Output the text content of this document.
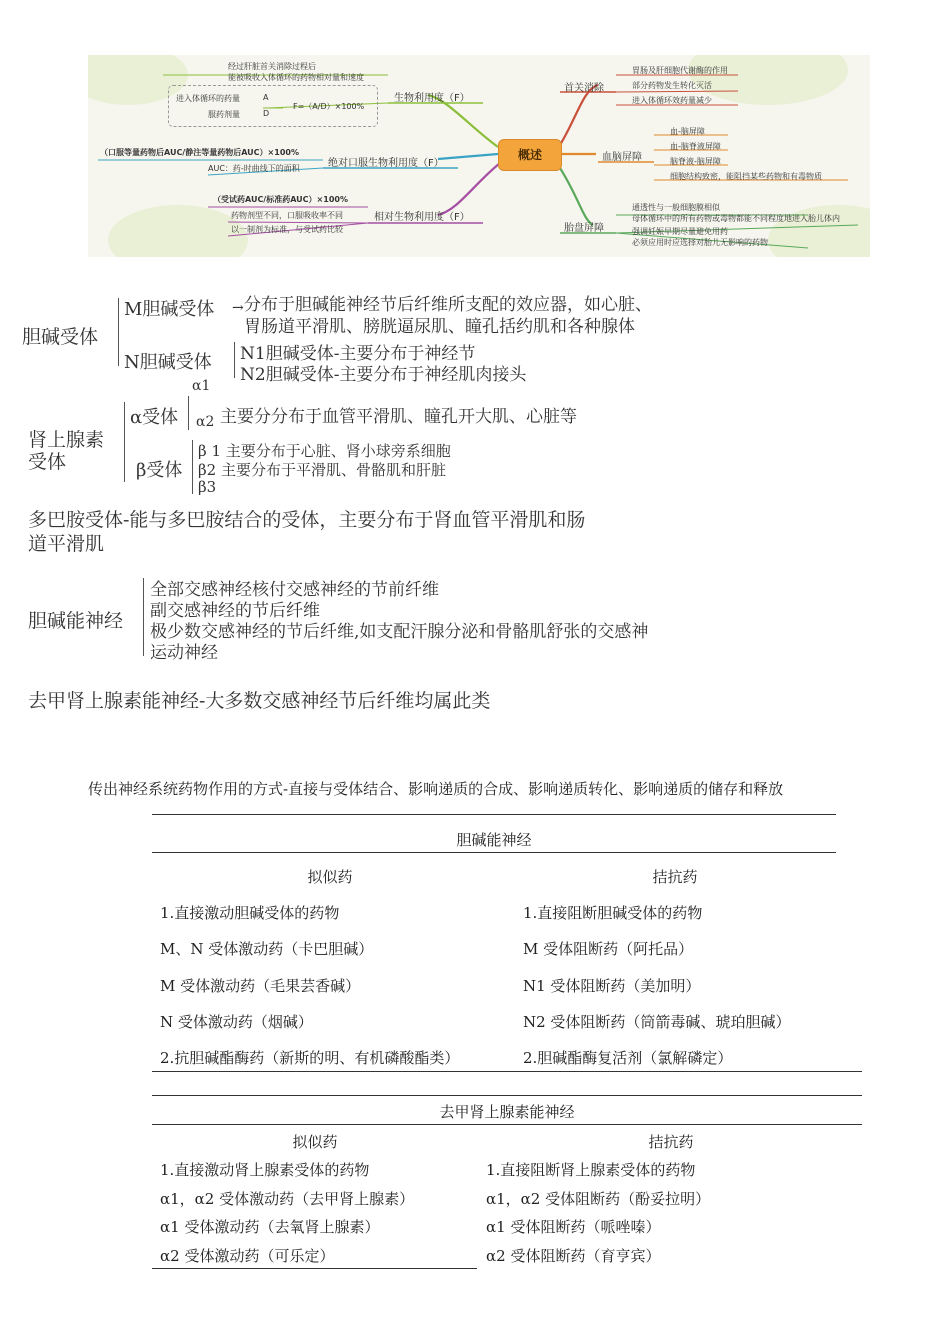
概述
经过肝脏首关消除过程后
能被吸收入体循环的药物相对量和速度
进入体循环的药量	A
服药剂量	D
F=（A/D）×100%
生物利用度（F）
（口服等量药物后AUC/静注等量药物后AUC）×100%
AUC：药-时曲线下的面积	绝对口服生物利用度（F）
（受试药AUC/标准药AUC）×100%
药物剂型不同，口服吸收率不同
以一制剂为标准，与受试药比较
相对生物利用度（F）
首关消除
胃肠及肝细胞代谢酶的作用
部分药物发生转化灭活
进入体循环效药量减少
血脑屏障
血-脑屏障
血-脑脊液屏障
脑脊液-脑屏障
细胞结构致密，能阻挡某些药物和有毒物质
胎盘屏障
通透性与一般细胞膜相似
母体循环中的所有药物或毒物都能不同程度地进入胎儿体内
强调妊娠早期尽量避免用药
必须应用时应选择对胎儿无影响的药物
胆碱受体
M胆碱受体
N胆碱受体
→ 分布于胆碱能神经节后纤维所支配的效应器，如心脏、
胃肠道平滑肌、膀胱逼尿肌、瞳孔括约肌和各种腺体
N1胆碱受体-主要分布于神经节
N2胆碱受体-主要分布于神经肌肉接头
肾上腺素
受体
α受体
α1
α2 主要分分布于血管平滑肌、瞳孔开大肌、心脏等
β受体
β 1 主要分布于心脏、肾小球旁系细胞
β2 主要分布于平滑肌、骨骼肌和肝脏
β3
多巴胺受体-能与多巴胺结合的受体，主要分布于肾血管平滑肌和肠
道平滑肌
胆碱能神经
全部交感神经核付交感神经的节前纤维
副交感神经的节后纤维
极少数交感神经的节后纤维,如支配汗腺分泌和骨骼肌舒张的交感神
运动神经
去甲肾上腺素能神经-大多数交感神经节后纤维均属此类
传出神经系统药物作用的方式-直接与受体结合、影响递质的合成、影响递质转化、影响递质的储存和释放
胆碱能神经
拟似药	拮抗药
1.直接激动胆碱受体的药物	1.直接阻断胆碱受体的药物
M、N 受体激动药（卡巴胆碱）	M 受体阻断药（阿托品）
M 受体激动药（毛果芸香碱）	N1 受体阻断药（美加明）
N 受体激动药（烟碱）	N2 受体阻断药（筒箭毒碱、琥珀胆碱）
2.抗胆碱酯酶药（新斯的明、有机磷酸酯类）	2.胆碱酯酶复活剂（氯解磷定）
去甲肾上腺素能神经
拟似药	拮抗药
1.直接激动肾上腺素受体的药物	1.直接阻断肾上腺素受体的药物
α1，α2 受体激动药（去甲肾上腺素）	α1，α2 受体阻断药（酚妥拉明）
α1 受体激动药（去氧肾上腺素）	α1 受体阻断药（哌唑嗪）
α2 受体激动药（可乐定）	α2 受体阻断药（育亨宾）
